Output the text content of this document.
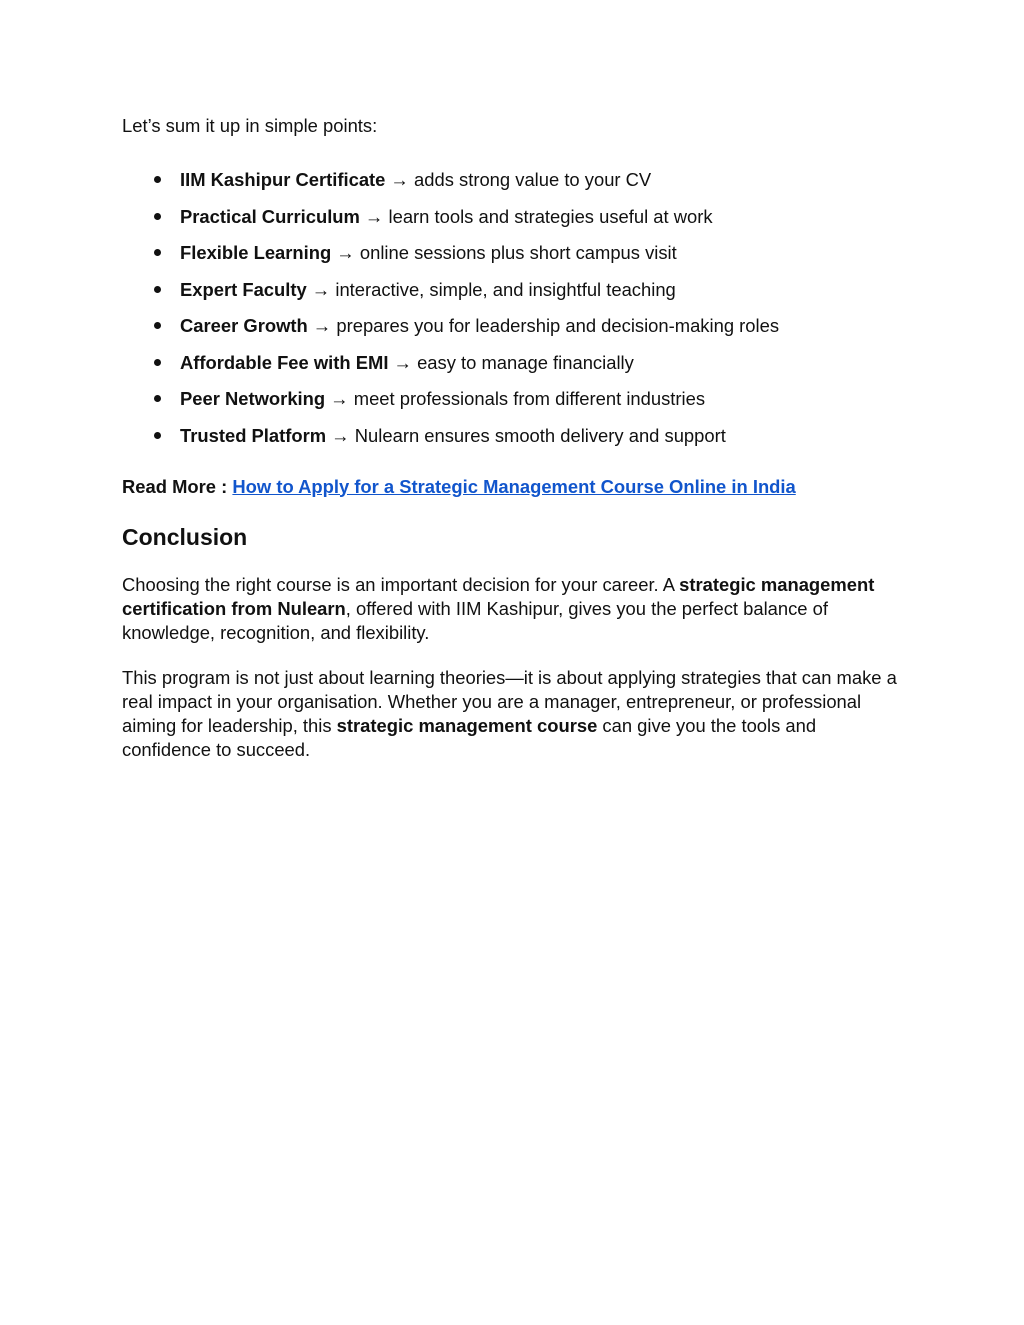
Let’s sum it up in simple points:

IIM Kashipur Certificate → adds strong value to your CV
Practical Curriculum → learn tools and strategies useful at work
Flexible Learning → online sessions plus short campus visit
Expert Faculty → interactive, simple, and insightful teaching
Career Growth → prepares you for leadership and decision-making roles
Affordable Fee with EMI → easy to manage financially
Peer Networking → meet professionals from different industries
Trusted Platform → Nulearn ensures smooth delivery and support

Read More : How to Apply for a Strategic Management Course Online in India

Conclusion

Choosing the right course is an important decision for your career. A strategic management certification from Nulearn, offered with IIM Kashipur, gives you the perfect balance of knowledge, recognition, and flexibility.

This program is not just about learning theories—it is about applying strategies that can make a real impact in your organisation. Whether you are a manager, entrepreneur, or professional aiming for leadership, this strategic management course can give you the tools and confidence to succeed.
